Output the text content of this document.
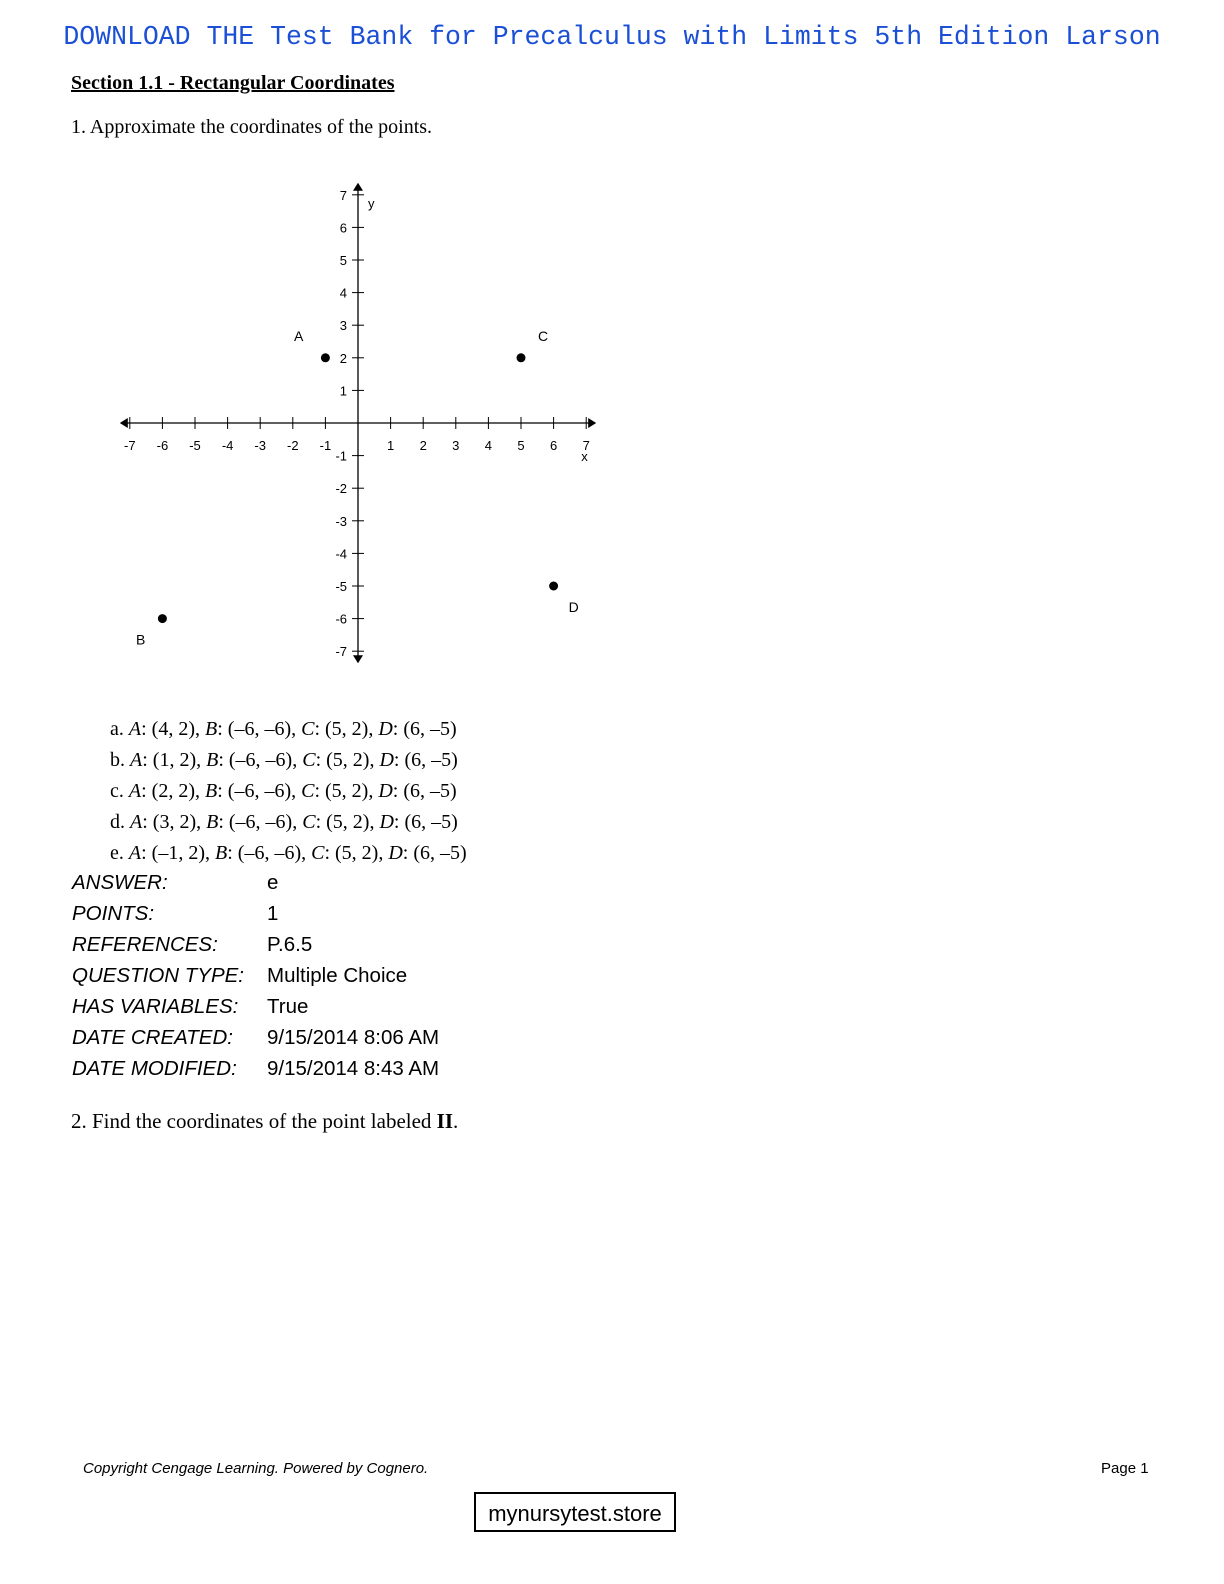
DOWNLOAD THE Test Bank for Precalculus with Limits 5th Edition Larson
Section 1.1 - Rectangular Coordinates
1. Approximate the coordinates of the points.
-7 -6 -5 -4 -3 -2 -1	1 2 3 4 5 6 7
-7
-6
-5
-4
-3
-2
-1
1
2
3
4
5
6
7
x
y
A
B
C
D
a. A: (4, 2), B: (–6, –6), C: (5, 2), D: (6, –5)
b. A: (1, 2), B: (–6, –6), C: (5, 2), D: (6, –5)
c. A: (2, 2), B: (–6, –6), C: (5, 2), D: (6, –5)
d. A: (3, 2), B: (–6, –6), C: (5, 2), D: (6, –5)
e. A: (–1, 2), B: (–6, –6), C: (5, 2), D: (6, –5)
ANSWER:	e
POINTS:	1
REFERENCES:	P.6.5
QUESTION TYPE:	Multiple Choice
HAS VARIABLES:	True
DATE CREATED:	9/15/2014 8:06 AM
DATE MODIFIED:	9/15/2014 8:43 AM
2. Find the coordinates of the point labeled II.
Copyright Cengage Learning. Powered by Cognero.	Page 1
mynursytest.store
